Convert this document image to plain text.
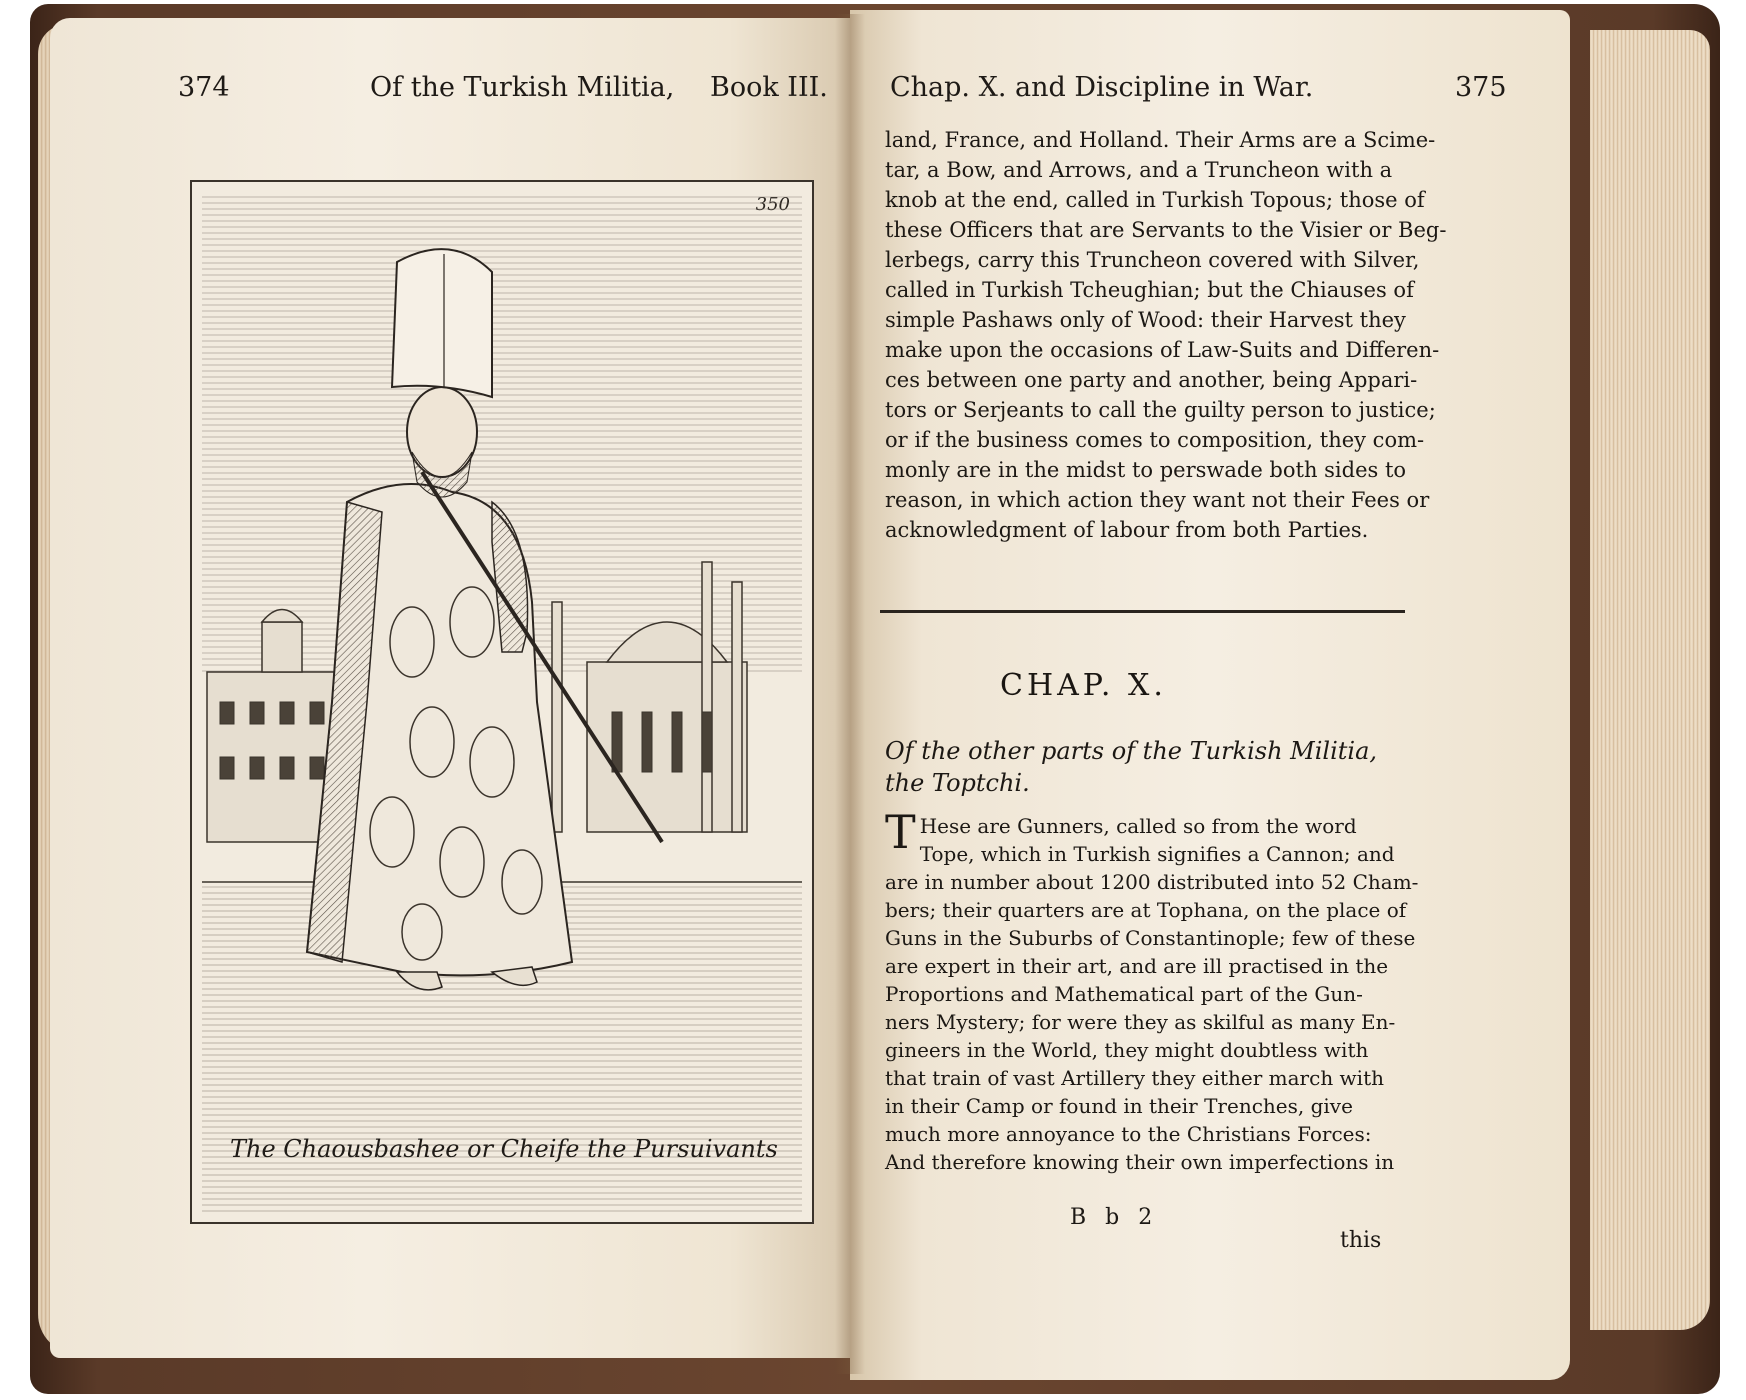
374	Of the Turkish Militia, Book III.
The Chaousbashee or Cheife the Pursuivants
Chap. X. and Discipline in War.	375
land, France, and Holland. Their Arms are a Scime-
tar, a Bow, and Arrows, and a Truncheon with a
knob at the end, called in Turkish Topous; those of
these Officers that are Servants to the Visier or Beg-
lerbegs, carry this Truncheon covered with Silver,
called in Turkish Tcheughian; but the Chiauses of
simple Pashaws only of Wood: their Harvest they
make upon the occasions of Law-Suits and Differen-
ces between one party and another, being Appari-
tors or Serjeants to call the guilty person to justice;
or if the business comes to composition, they com-
monly are in the midst to perswade both sides to
reason, in which action they want not their Fees or
acknowledgment of labour from both Parties.
CHAP. X.
Of the other parts of the Turkish Militia, the Toptchi.
T Hese are Gunners, called so from the word
Tope, which in Turkish signifies a Cannon; and
are in number about 1200 distributed into 52 Cham-
bers; their quarters are at Tophana, on the place of
Guns in the Suburbs of Constantinople; few of these
are expert in their art, and are ill practised in the
Proportions and Mathematical part of the Gun-
ners Mystery; for were they as skilful as many En-
gineers in the World, they might doubtless with
that train of vast Artillery they either march with
in their Camp or found in their Trenches, give
much more annoyance to the Christians Forces:
And therefore knowing their own imperfections in
B b 2
this
